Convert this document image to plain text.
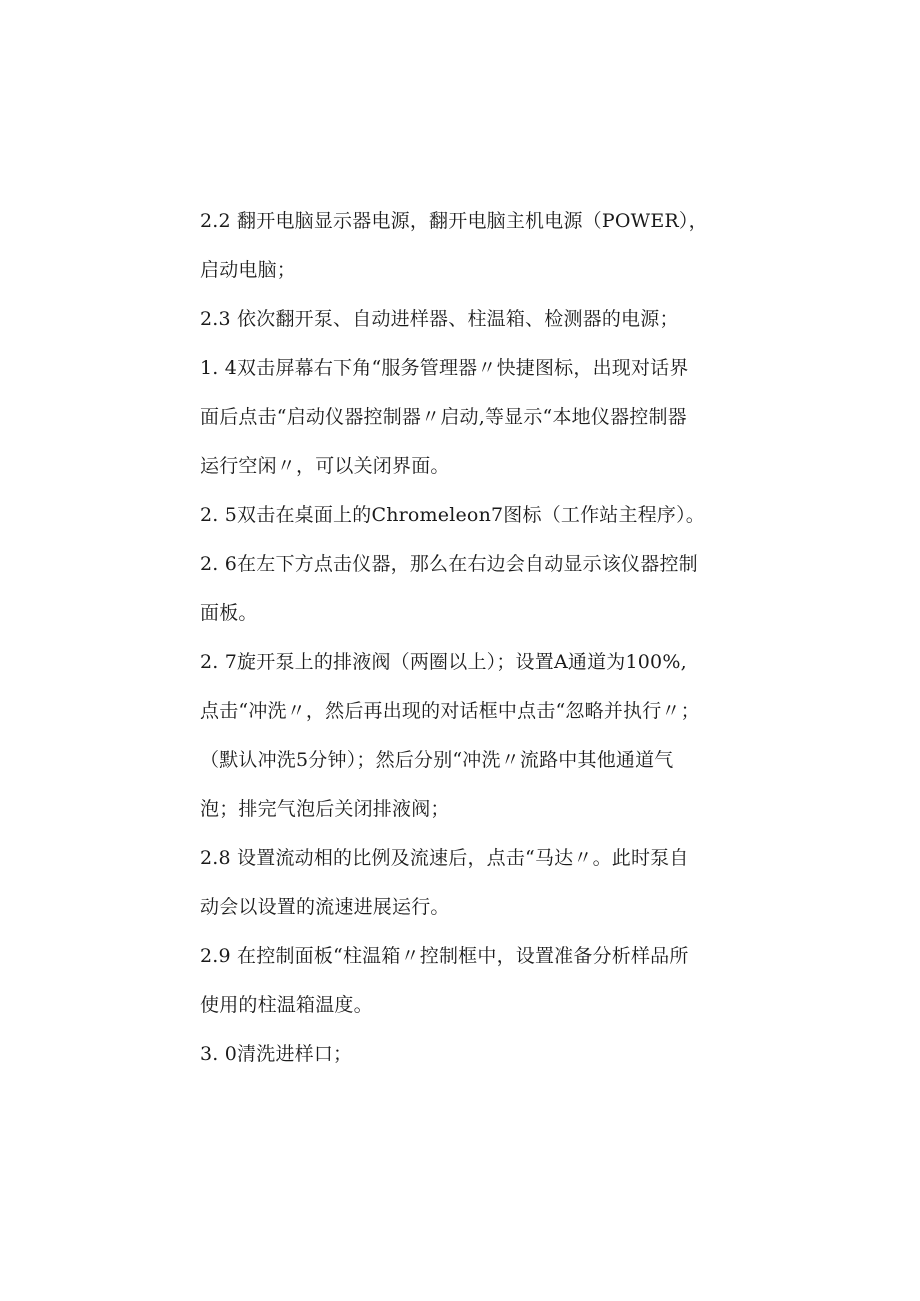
2.2 翻开电脑显示器电源，翻开电脑主机电源（POWER），
启动电脑；
2.3 依次翻开泵、自动进样器、柱温箱、检测器的电源；
1. 4双击屏幕右下角“服务管理器〃快捷图标，出现对话界
面后点击“启动仪器控制器〃启动,等显示“本地仪器控制器
运行空闲〃，可以关闭界面。
2. 5双击在桌面上的Chromeleon7图标（工作站主程序）。
2. 6在左下方点击仪器，那么在右边会自动显示该仪器控制
面板。
2. 7旋开泵上的排液阀（两圈以上）；设置A通道为100%,
点击“冲洗〃，然后再出现的对话框中点击“忽略并执行〃；
（默认冲洗5分钟）；然后分别“冲洗〃流路中其他通道气
泡；排完气泡后关闭排液阀；
2.8 设置流动相的比例及流速后，点击“马达〃。此时泵自
动会以设置的流速进展运行。
2.9 在控制面板“柱温箱〃控制框中，设置准备分析样品所
使用的柱温箱温度。
3. 0清洗进样口；
